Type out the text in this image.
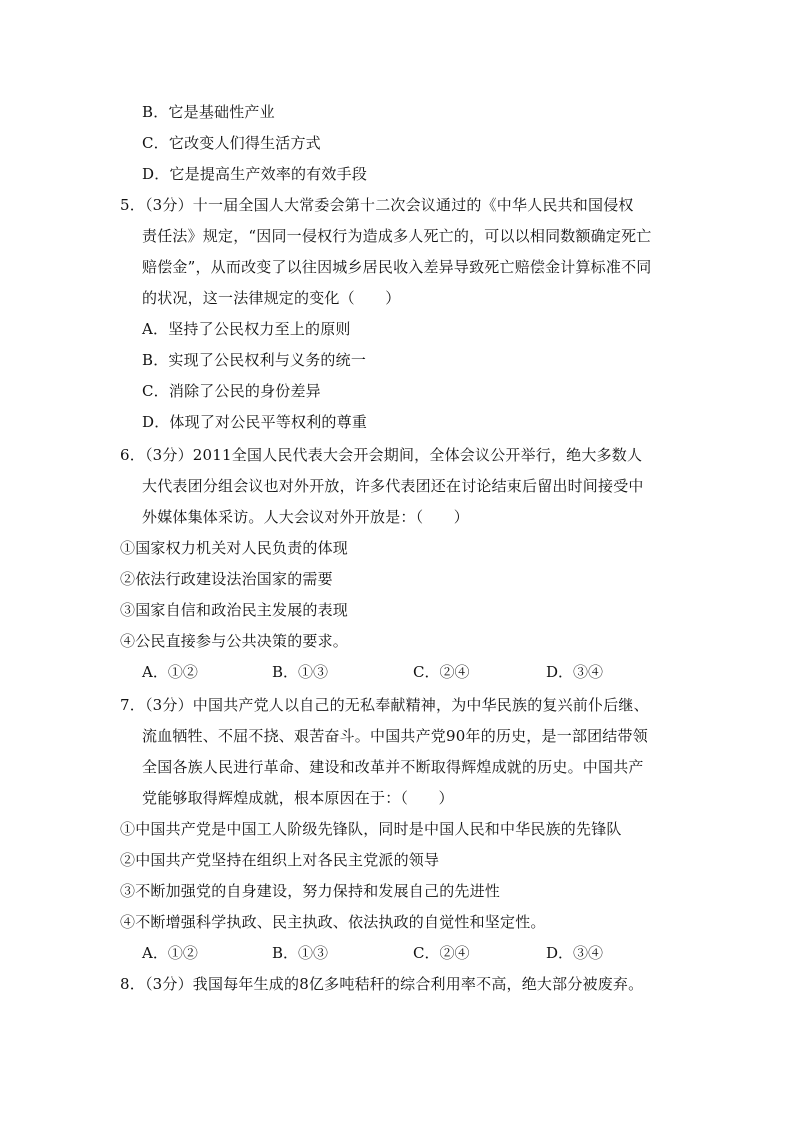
B．它是基础性产业
C．它改变人们得生活方式
D．它是提高生产效率的有效手段
5．（3分）十一届全国人大常委会第十二次会议通过的《中华人民共和国侵权
责任法》规定，“因同一侵权行为造成多人死亡的，可以以相同数额确定死亡
赔偿金”，从而改变了以往因城乡居民收入差异导致死亡赔偿金计算标准不同
的状况，这一法律规定的变化（　　）
A．坚持了公民权力至上的原则
B．实现了公民权利与义务的统一
C．消除了公民的身份差异
D．体现了对公民平等权利的尊重
6．（3分）2011全国人民代表大会开会期间，全体会议公开举行，绝大多数人
大代表团分组会议也对外开放，许多代表团还在讨论结束后留出时间接受中
外媒体集体采访。人大会议对外开放是：（　　）
①国家权力机关对人民负责的体现
②依法行政建设法治国家的需要
③国家自信和政治民主发展的表现
④公民直接参与公共决策的要求。
A．①②	B．①③	C．②④	D．③④
7．（3分）中国共产党人以自己的无私奉献精神，为中华民族的复兴前仆后继、
流血牺牲、不屈不挠、艰苦奋斗。中国共产党90年的历史，是一部团结带领
全国各族人民进行革命、建设和改革并不断取得辉煌成就的历史。中国共产
党能够取得辉煌成就，根本原因在于：（　　）
①中国共产党是中国工人阶级先锋队，同时是中国人民和中华民族的先锋队
②中国共产党坚持在组织上对各民主党派的领导
③不断加强党的自身建设，努力保持和发展自己的先进性
④不断增强科学执政、民主执政、依法执政的自觉性和坚定性。
A．①②	B．①③	C．②④	D．③④
8．（3分）我国每年生成的8亿多吨秸秆的综合利用率不高，绝大部分被废弃。
